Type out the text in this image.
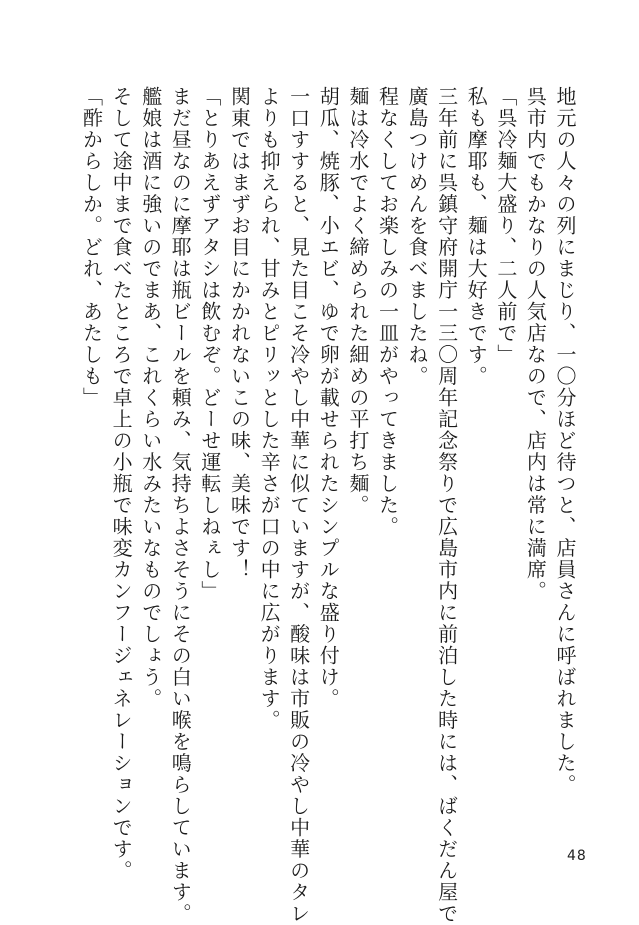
地元の人々の列にまじり、一〇分ほど待つと、店員さんに呼ばれました。
呉市内でもかなりの人気店なので、店内は常に満席。
「呉冷麺大盛り、二人前で」
私も摩耶も、麺は大好きです。
三年前に呉鎮守府開庁一三〇周年記念祭りで広島市内に前泊した時には、ばくだん屋で
廣島つけめんを食べましたね。
程なくしてお楽しみの一皿がやってきました。
麺は冷水でよく締められた細めの平打ち麺。
胡瓜、焼豚、小エビ、ゆで卵が載せられたシンプルな盛り付け。
一口すすると、見た目こそ冷やし中華に似ていますが、酸味は市販の冷やし中華のタレ
よりも抑えられ、甘みとピリッとした辛さが口の中に広がります。
関東ではまずお目にかかれないこの味、美味です！
「とりあえずアタシは飲むぞ。どーせ運転しねぇし」
まだ昼なのに摩耶は瓶ビールを頼み、気持ちよさそうにその白い喉を鳴らしています。
艦娘は酒に強いのでまあ、これくらい水みたいなものでしょう。
そして途中まで食べたところで卓上の小瓶で味変カンフージェネレーションです。
「酢からしか。どれ、あたしも」
48
